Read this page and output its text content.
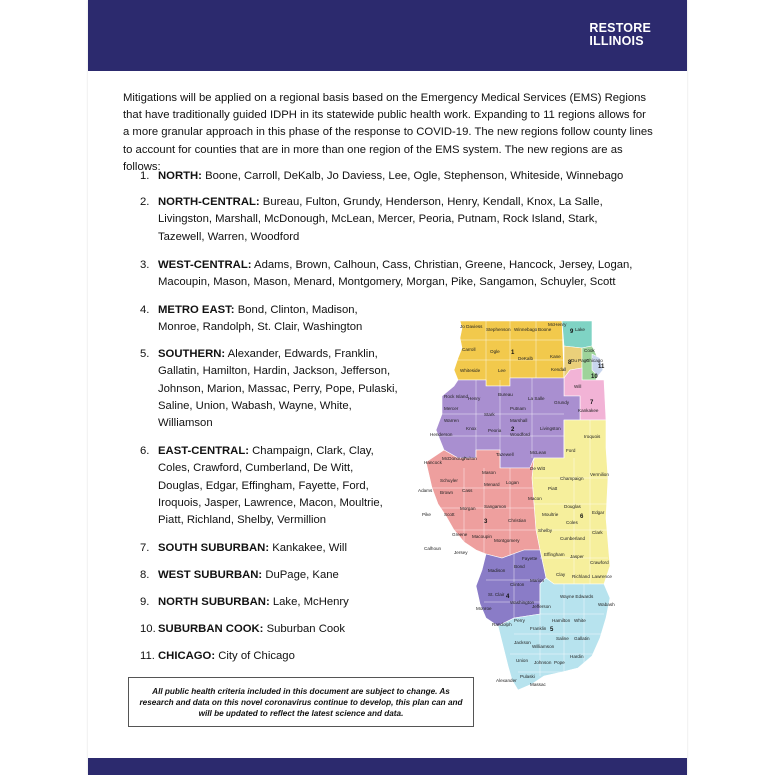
RESTORE
ILLINOIS

Mitigations will be applied on a regional basis based on the Emergency Medical Services (EMS) Regions that have traditionally guided IDPH in its statewide public health work. Expanding to 11 regions allows for a more granular approach in this phase of the response to COVID-19. The new regions follow county lines to account for counties that are in more than one region of the EMS system. The new regions are as follows:

1. NORTH: Boone, Carroll, DeKalb, Jo Daviess, Lee, Ogle, Stephenson, Whiteside, Winnebago
2. NORTH-CENTRAL: Bureau, Fulton, Grundy, Henderson, Henry, Kendall, Knox, La Salle, Livingston, Marshall, McDonough, McLean, Mercer, Peoria, Putnam, Rock Island, Stark, Tazewell, Warren, Woodford
3. WEST-CENTRAL: Adams, Brown, Calhoun, Cass, Christian, Greene, Hancock, Jersey, Logan, Macoupin, Mason, Mason, Menard, Montgomery, Morgan, Pike, Sangamon, Schuyler, Scott
4. METRO EAST: Bond, Clinton, Madison, Monroe, Randolph, St. Clair, Washington
5. SOUTHERN: Alexander, Edwards, Franklin, Gallatin, Hamilton, Hardin, Jackson, Jefferson, Johnson, Marion, Massac, Perry, Pope, Pulaski, Saline, Union, Wabash, Wayne, White, Williamson
6. EAST-CENTRAL: Champaign, Clark, Clay, Coles, Crawford, Cumberland, De Witt, Douglas, Edgar, Effingham, Fayette, Ford, Iroquois, Jasper, Lawrence, Macon, Moultrie, Piatt, Richland, Shelby, Vermillion
7. SOUTH SUBURBAN: Kankakee, Will
8. WEST SUBURBAN: DuPage, Kane
9. NORTH SUBURBAN: Lake, McHenry
10. SUBURBAN COOK: Suburban Cook
11. CHICAGO: City of Chicago
All public health criteria included in this document are subject to change. As research and data on this novel coronavirus continue to develop, this plan can and will be updated to reflect the latest science and data.
1
2
3
4
5
6
7
8
9
10
11
Jo Daviess
Stephenson Winnebago Boone
McHenry
Lake
Carroll	Ogle
DeKalb	Kane
Cook
Chicago
Du Page
Whiteside	Lee	Kendall
Will
Rock Island Henry
Bureau
La Salle
Grundy
Kankakee
Mercer
Stark
Putnam
Marshall
Knox
Warren
Henderson
Peoria
Woodford
Livingston
Iroquois
McDonough
Fulton
Tazewell	McLean	Ford
Hancock
Mason
De Witt
Champaign
Vermilion
Adams Brown
Schuyler
Cass
Menard Logan
Macon
Piatt
Pike	Scott
Morgan Sangamon
Christian
Moultrie
Douglas
Edgar
Coles
Calhoun
Greene Macoupin
Montgomery
Shelby
Cumberland
Clark
Jersey
Fayette
Effingham Jasper
Crawford
Madison
Bond
Clinton
Marion
Clay Richland Lawrence
St. Clair
Washington
Monroe	Jefferson
Wayne Edwards
Wabash
Randolph
Perry
Franklin
Hamilton White
Jackson
Williamson
Saline Gallatin
Union Johnson Pope
Hardin
Alexander
Pulaski
Massac
